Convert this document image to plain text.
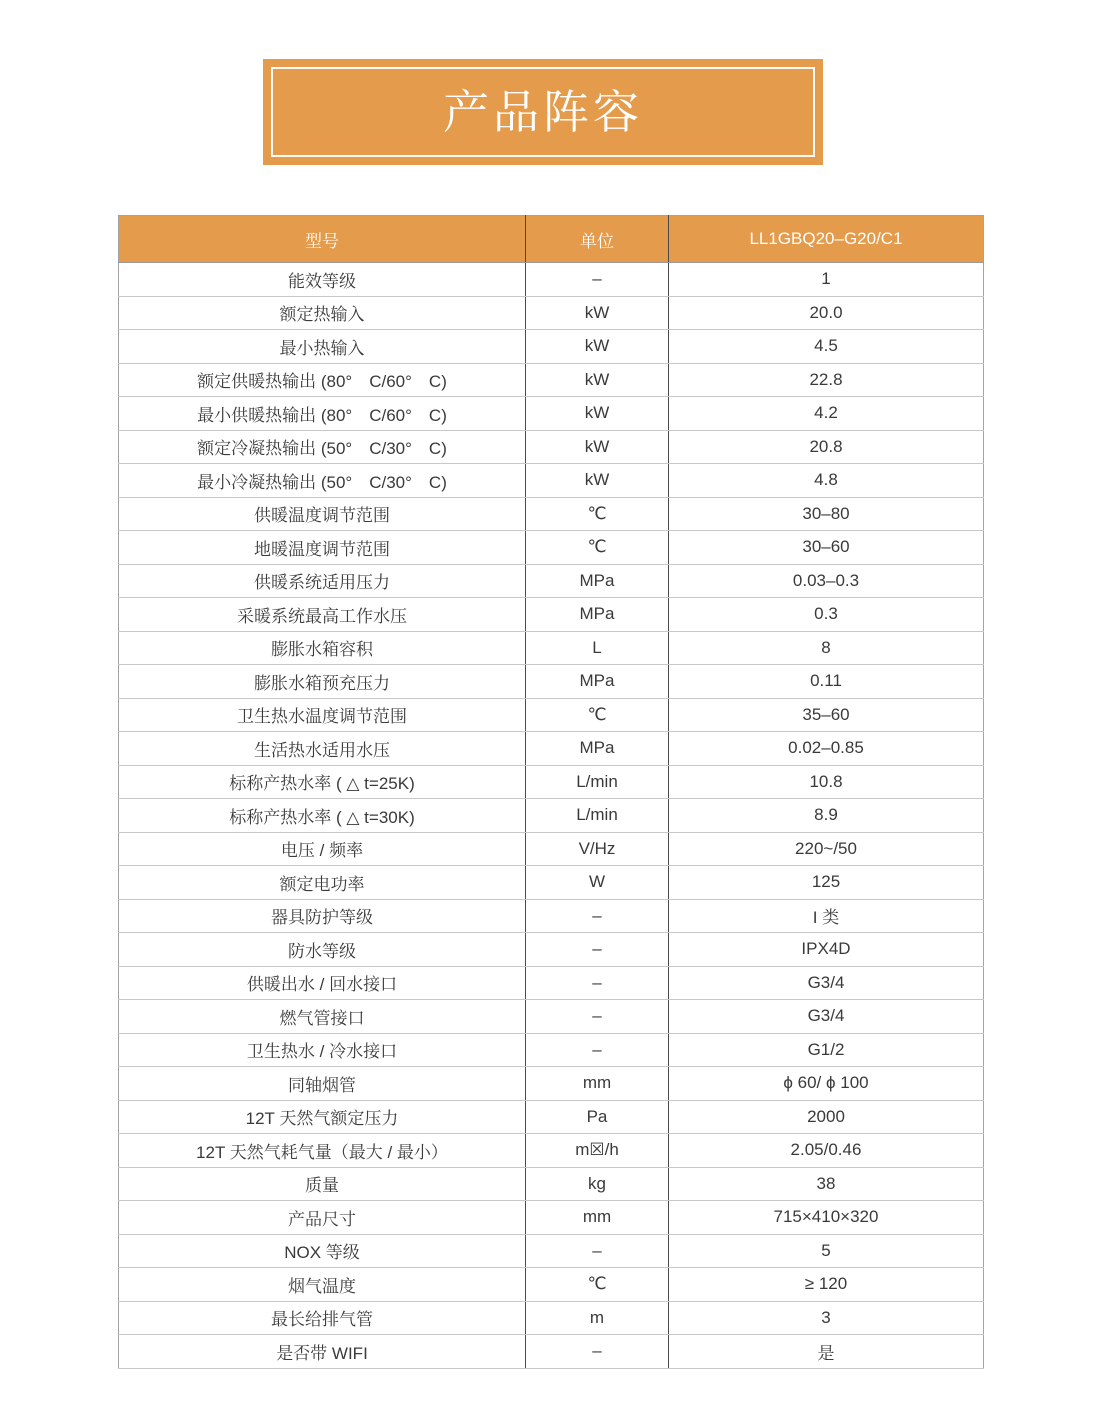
产品阵容
型号	单位	LL1GBQ20–G20/C1
能效等级	–	1
额定热输入	kW	20.0
最小热输入	kW	4.5
额定供暖热输出 (80°　C/60°　C)	kW	22.8
最小供暖热输出 (80°　C/60°　C)	kW	4.2
额定冷凝热输出 (50°　C/30°　C)	kW	20.8
最小冷凝热输出 (50°　C/30°　C)	kW	4.8
供暖温度调节范围	℃	30–80
地暖温度调节范围	℃	30–60
供暖系统适用压力	MPa	0.03–0.3
采暖系统最高工作水压	MPa	0.3
膨胀水箱容积	L	8
膨胀水箱预充压力	MPa	0.11
卫生热水温度调节范围	℃	35–60
生活热水适用水压	MPa	0.02–0.85
标称产热水率 ( △ t=25K)	L/min	10.8
标称产热水率 ( △ t=30K)	L/min	8.9
电压 / 频率	V/Hz	220~/50
额定电功率	W	125
器具防护等级	–	I 类
防水等级	–	IPX4D
供暖出水 / 回水接口	–	G3/4
燃气管接口	–	G3/4
卫生热水 / 冷水接口	–	G1/2
同轴烟管	mm	ϕ 60/ ϕ 100
12T 天然气额定压力	Pa	2000
12T 天然气耗气量（最大 / 最小）	m☒/h	2.05/0.46
质量	kg	38
产品尺寸	mm	715×410×320
NOX 等级	–	5
烟气温度	℃	≥ 120
最长给排气管	m	3
是否带 WIFI	–	是
